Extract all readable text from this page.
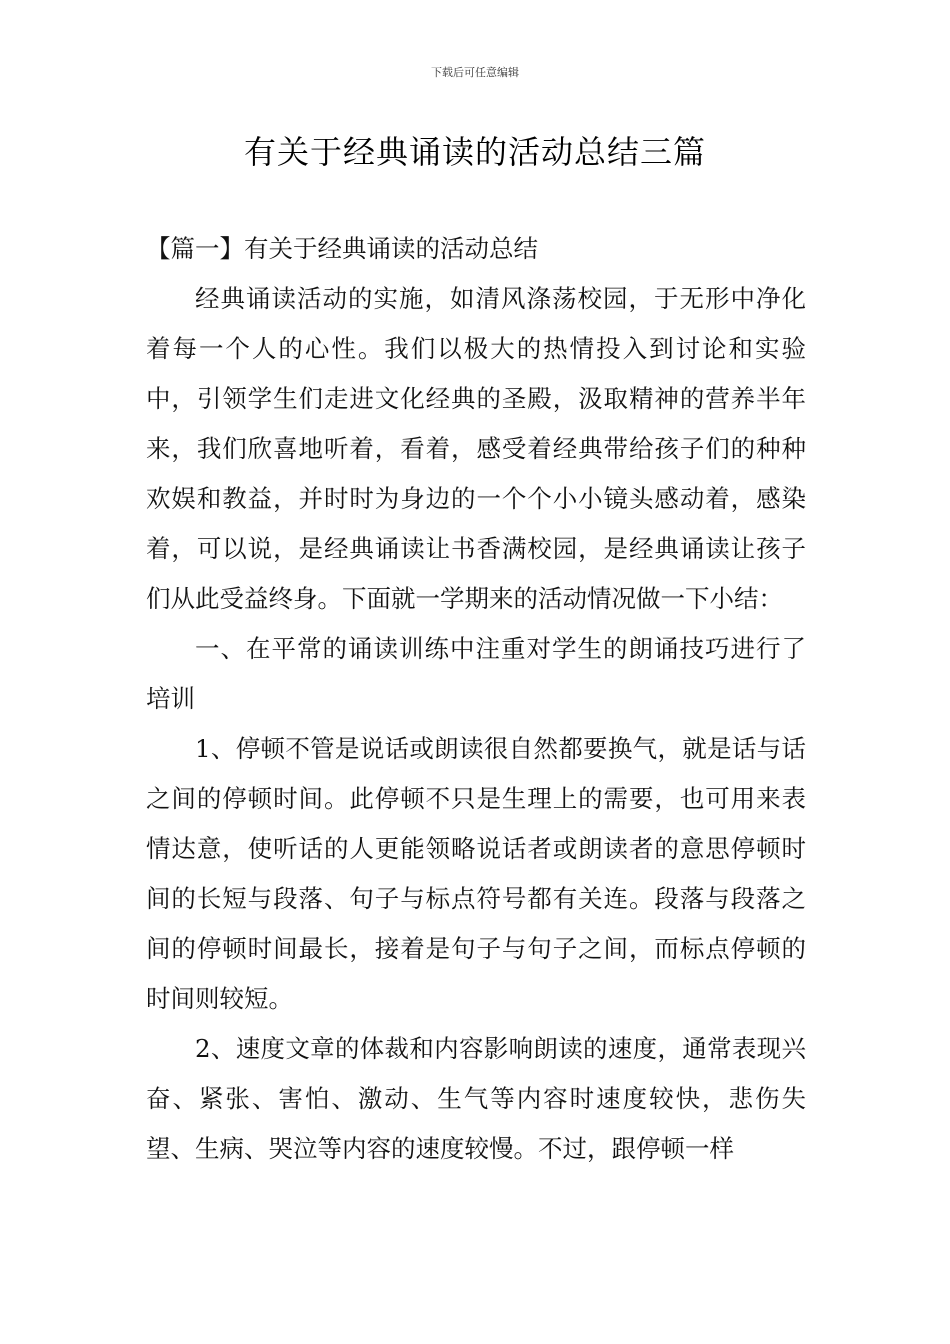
下载后可任意编辑
有关于经典诵读的活动总结三篇

【篇一】有关于经典诵读的活动总结

经典诵读活动的实施，如清风涤荡校园，于无形中净化着每一个人的心性。我们以极大的热情投入到讨论和实验中，引领学生们走进文化经典的圣殿，汲取精神的营养半年来，我们欣喜地听着，看着，感受着经典带给孩子们的种种欢娱和教益，并时时为身边的一个个小小镜头感动着，感染着，可以说，是经典诵读让书香满校园，是经典诵读让孩子们从此受益终身。下面就一学期来的活动情况做一下小结：

一、在平常的诵读训练中注重对学生的朗诵技巧进行了培训

1、停顿不管是说话或朗读很自然都要换气，就是话与话之间的停顿时间。此停顿不只是生理上的需要，也可用来表情达意，使听话的人更能领略说话者或朗读者的意思停顿时间的长短与段落、句子与标点符号都有关连。段落与段落之间的停顿时间最长，接着是句子与句子之间，而标点停顿的时间则较短。

2、速度文章的体裁和内容影响朗读的速度，通常表现兴奋、紧张、害怕、激动、生气等内容时速度较快，悲伤失望、生病、哭泣等内容的速度较慢。不过，跟停顿一样
